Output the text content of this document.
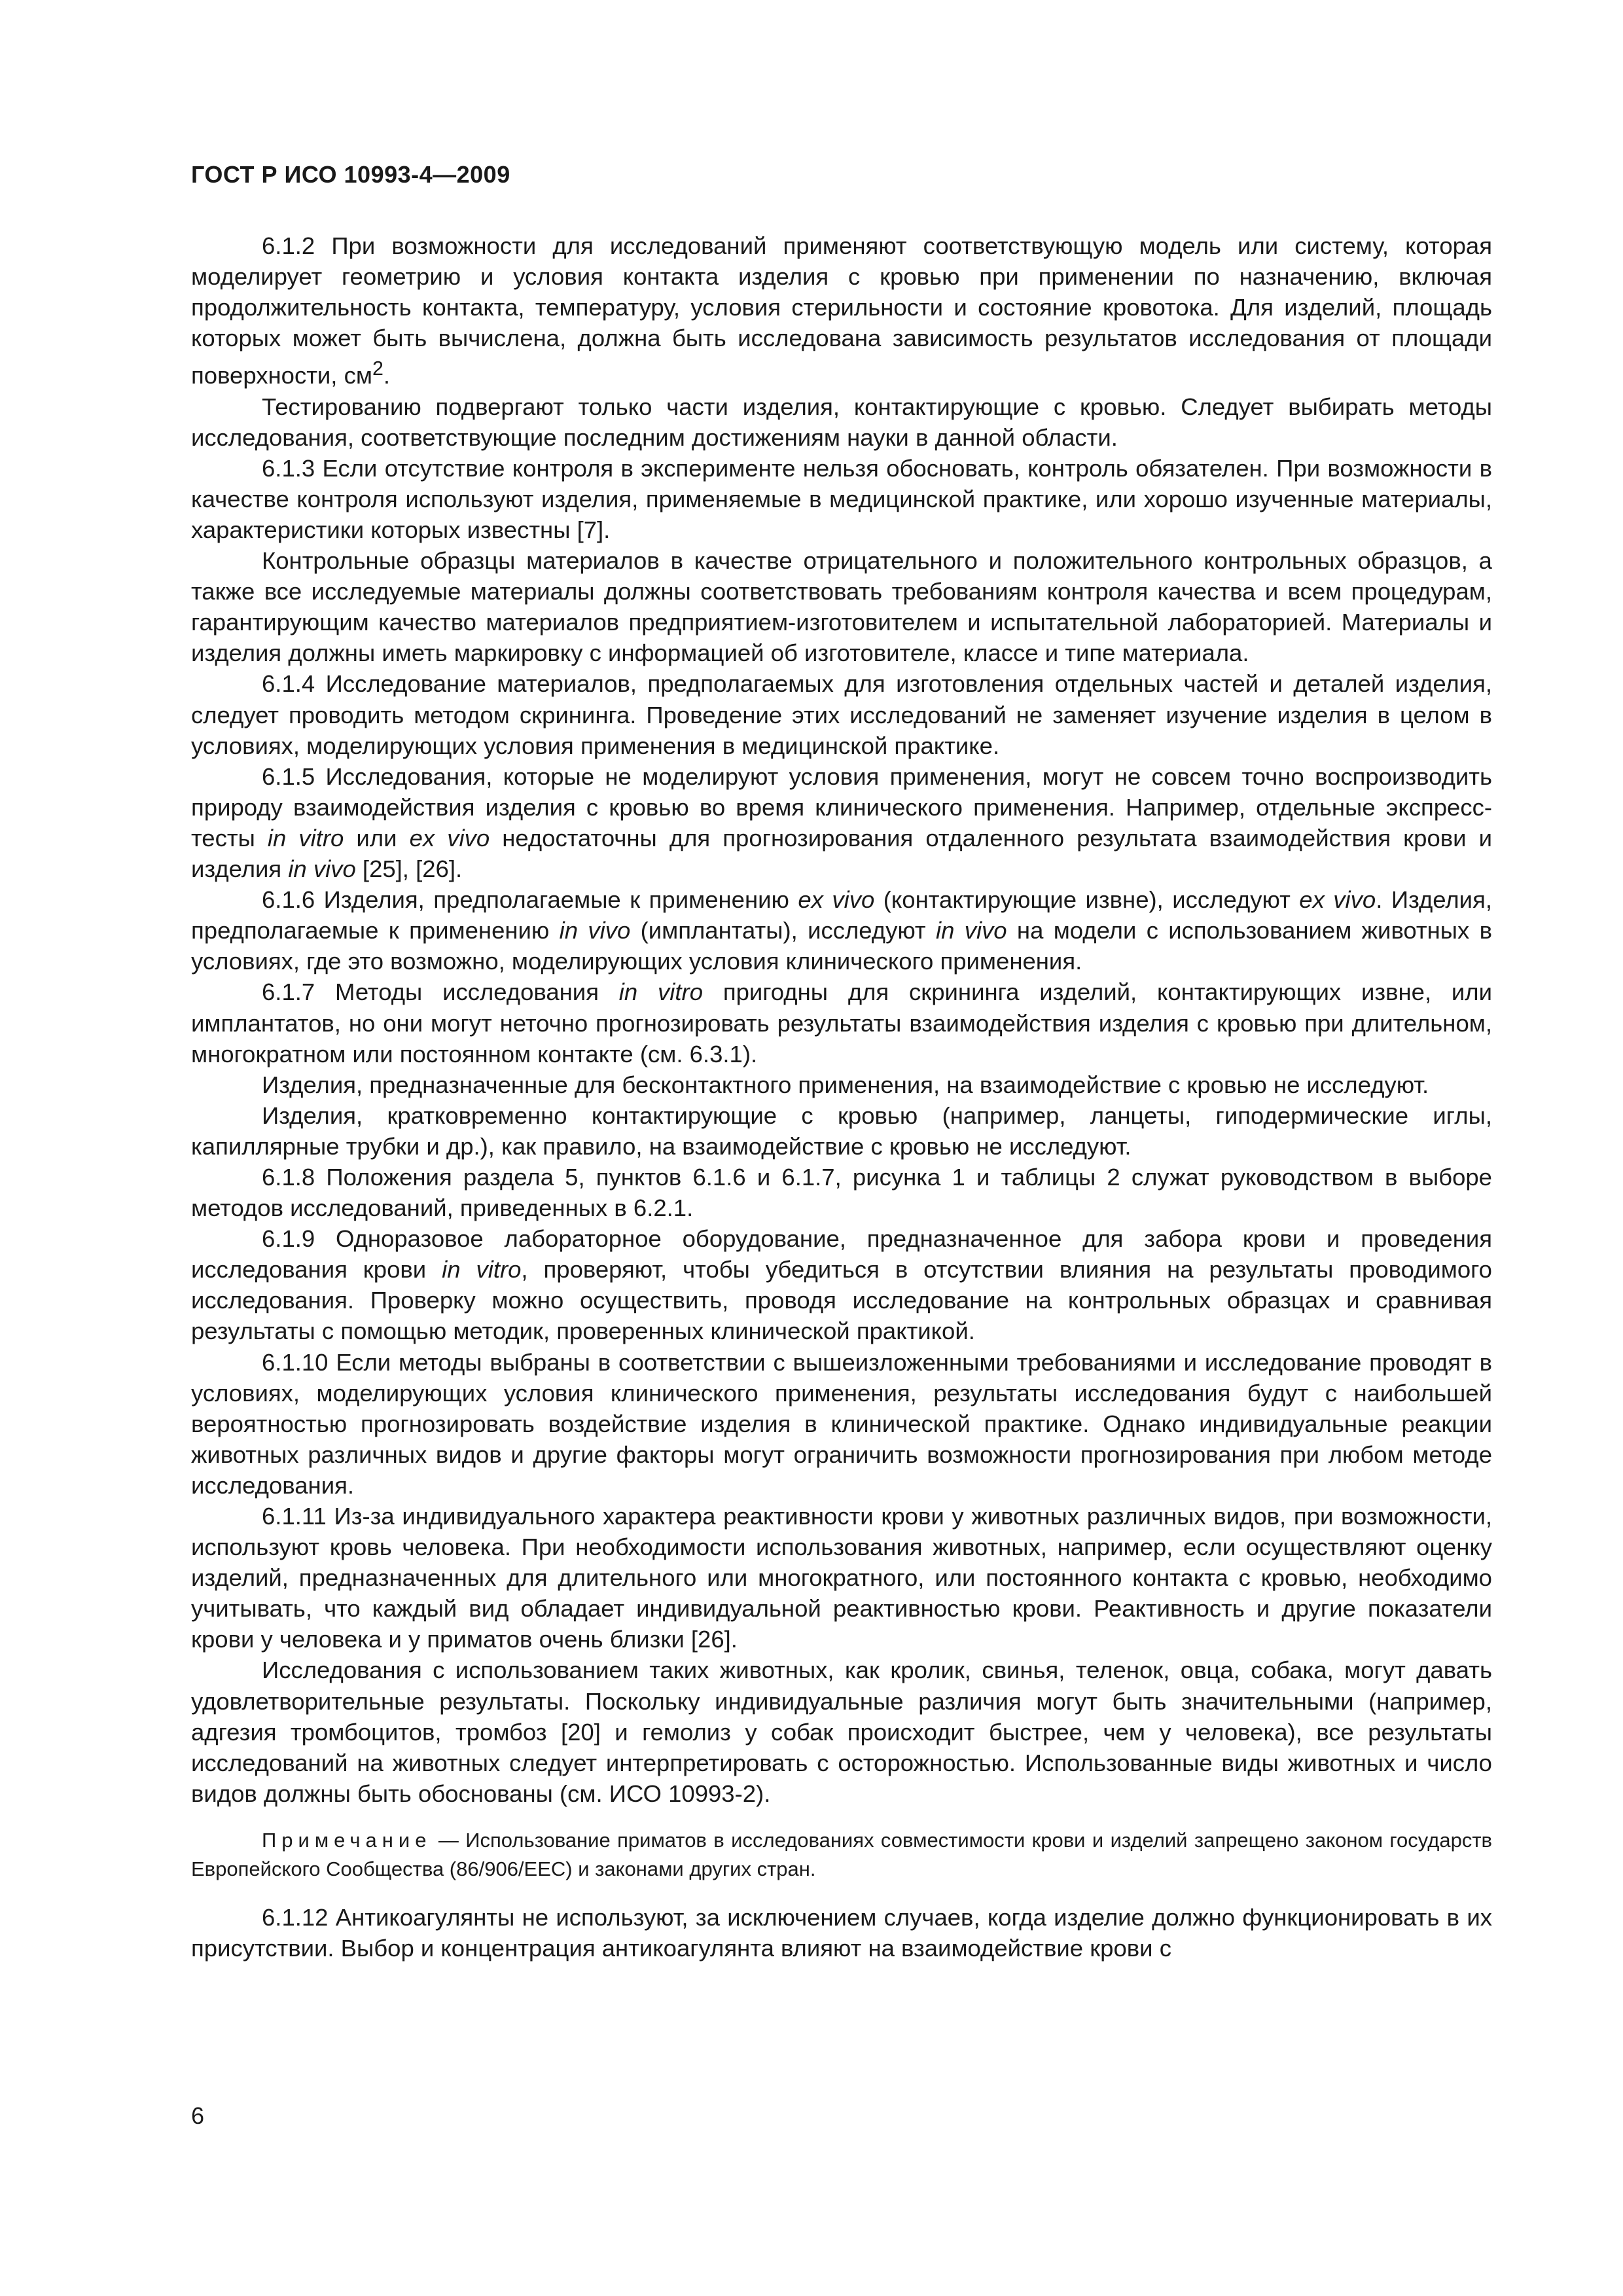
ГОСТ Р ИСО 10993-4—2009

6.1.2 При возможности для исследований применяют соответствующую модель или систему, которая моделирует геометрию и условия контакта изделия с кровью при применении по назначению, включая продолжительность контакта, температуру, условия стерильности и состояние кровотока. Для изделий, площадь которых может быть вычислена, должна быть исследована зависимость результатов исследования от площади поверхности, $см^2$.

Тестированию подвергают только части изделия, контактирующие с кровью. Следует выбирать методы исследования, соответствующие последним достижениям науки в данной области.

6.1.3 Если отсутствие контроля в эксперименте нельзя обосновать, контроль обязателен. При возможности в качестве контроля используют изделия, применяемые в медицинской практике, или хорошо изученные материалы, характеристики которых известны [7].

Контрольные образцы материалов в качестве отрицательного и положительного контрольных образцов, а также все исследуемые материалы должны соответствовать требованиям контроля качества и всем процедурам, гарантирующим качество материалов предприятием-изготовителем и испытательной лабораторией. Материалы и изделия должны иметь маркировку с информацией об изготовителе, классе и типе материала.

6.1.4 Исследование материалов, предполагаемых для изготовления отдельных частей и деталей изделия, следует проводить методом скрининга. Проведение этих исследований не заменяет изучение изделия в целом в условиях, моделирующих условия применения в медицинской практике.

6.1.5 Исследования, которые не моделируют условия применения, могут не совсем точно воспроизводить природу взаимодействия изделия с кровью во время клинического применения. Например, отдельные экспресс-тесты in vitro или ex vivo недостаточны для прогнозирования отдаленного результата взаимодействия крови и изделия in vivo [25], [26].

6.1.6 Изделия, предполагаемые к применению ex vivo (контактирующие извне), исследуют ex vivo. Изделия, предполагаемые к применению in vivo (имплантаты), исследуют in vivo на модели с использованием животных в условиях, где это возможно, моделирующих условия клинического применения.

6.1.7 Методы исследования in vitro пригодны для скрининга изделий, контактирующих извне, или имплантатов, но они могут неточно прогнозировать результаты взаимодействия изделия с кровью при длительном, многократном или постоянном контакте (см. 6.3.1).

Изделия, предназначенные для бесконтактного применения, на взаимодействие с кровью не исследуют.

Изделия, кратковременно контактирующие с кровью (например, ланцеты, гиподермические иглы, капиллярные трубки и др.), как правило, на взаимодействие с кровью не исследуют.

6.1.8 Положения раздела 5, пунктов 6.1.6 и 6.1.7, рисунка 1 и таблицы 2 служат руководством в выборе методов исследований, приведенных в 6.2.1.

6.1.9 Одноразовое лабораторное оборудование, предназначенное для забора крови и проведения исследования крови in vitro, проверяют, чтобы убедиться в отсутствии влияния на результаты проводимого исследования. Проверку можно осуществить, проводя исследование на контрольных образцах и сравнивая результаты с помощью методик, проверенных клинической практикой.

6.1.10 Если методы выбраны в соответствии с вышеизложенными требованиями и исследование проводят в условиях, моделирующих условия клинического применения, результаты исследования будут с наибольшей вероятностью прогнозировать воздействие изделия в клинической практике. Однако индивидуальные реакции животных различных видов и другие факторы могут ограничить возможности прогнозирования при любом методе исследования.

6.1.11 Из-за индивидуального характера реактивности крови у животных различных видов, при возможности, используют кровь человека. При необходимости использования животных, например, если осуществляют оценку изделий, предназначенных для длительного или многократного, или постоянного контакта с кровью, необходимо учитывать, что каждый вид обладает индивидуальной реактивностью крови. Реактивность и другие показатели крови у человека и у приматов очень близки [26].

Исследования с использованием таких животных, как кролик, свинья, теленок, овца, собака, могут давать удовлетворительные результаты. Поскольку индивидуальные различия могут быть значительными (например, адгезия тромбоцитов, тромбоз [20] и гемолиз у собак происходит быстрее, чем у человека), все результаты исследований на животных следует интерпретировать с осторожностью. Использованные виды животных и число видов должны быть обоснованы (см. ИСО 10993-2).

Примечание — Использование приматов в исследованиях совместимости крови и изделий запрещено законом государств Европейского Сообщества (86/906/EEC) и законами других стран.

6.1.12 Антикоагулянты не используют, за исключением случаев, когда изделие должно функционировать в их присутствии. Выбор и концентрация антикоагулянта влияют на взаимодействие крови с

6
